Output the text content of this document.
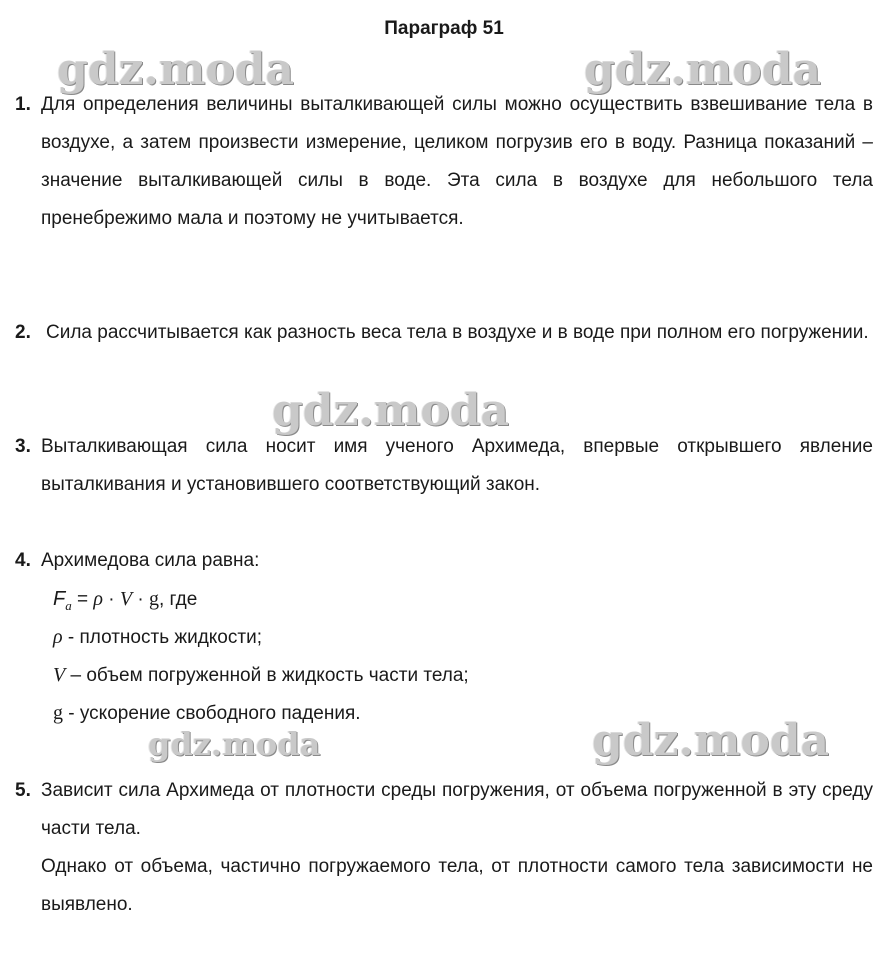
Параграф 51
gdz.moda	gdz.moda
gdz.moda
gdz.moda	gdz.moda
1. Для определения величины выталкивающей силы можно осуществить взвешивание тела в воздухе, а затем произвести измерение, целиком погрузив его в воду. Разница показаний – значение выталкивающей силы в воде. Эта сила в воздухе для небольшого тела пренебрежимо мала и поэтому не учитывается.

2. Сила рассчитывается как разность веса тела в воздухе и в воде при полном его погружении.

3. Выталкивающая сила носит имя ученого Архимеда, впервые открывшего явление выталкивания и установившего соответствующий закон.

4. Архимедова сила равна:

$F_a = \rho \cdot V \cdot g$, где
ρ - плотность жидкости;
V – объем погруженной в жидкость части тела;
g - ускорение свободного падения.
5. Зависит сила Архимеда от плотности среды погружения, от объема погруженной в эту среду части тела.

Однако от объема, частично погружаемого тела, от плотности самого тела зависимости не выявлено.
